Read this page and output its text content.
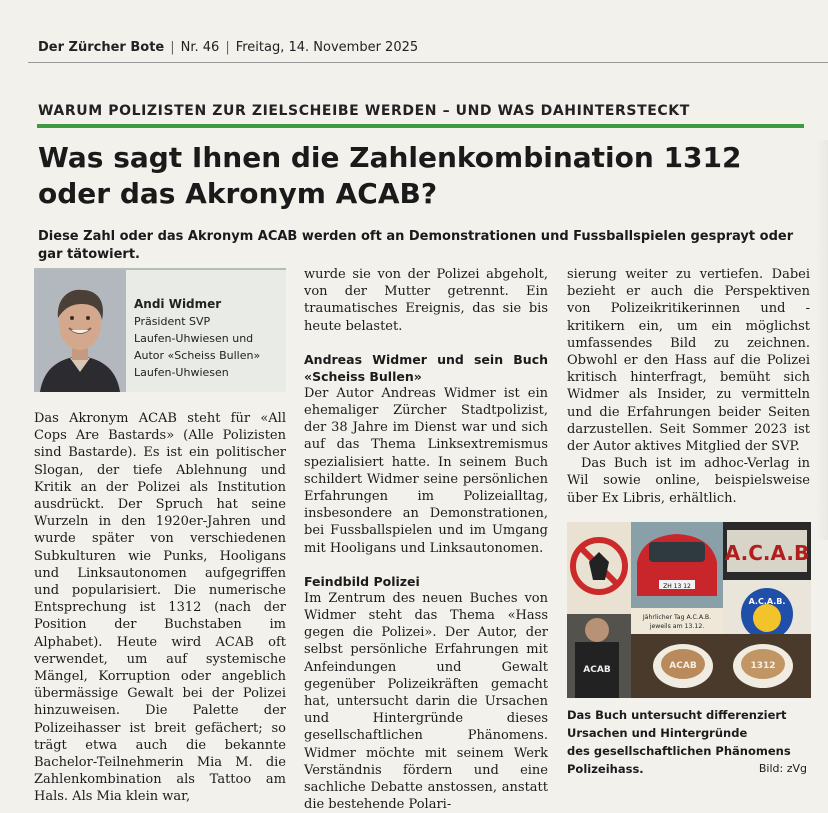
Der Zürcher Bote | Nr. 46 | Freitag, 14. November 2025
WARUM POLIZISTEN ZUR ZIELSCHEIBE WERDEN – UND WAS DAHINTERSTECKT
Was sagt Ihnen die Zahlenkombination 1312
oder das Akronym ACAB?
Diese Zahl oder das Akronym ACAB werden oft an Demonstrationen und Fussballspielen gesprayt oder gar tätowiert.
Andi Widmer
Präsident SVP
Laufen-Uhwiesen und
Autor «Scheiss Bullen»
Laufen-Uhwiesen

Das Akronym ACAB steht für «All Cops Are Bastards» (Alle Polizisten sind Bastarde). Es ist ein politischer Slogan, der tiefe Ablehnung und Kritik an der Polizei als Institution ausdrückt. Der Spruch hat seine Wurzeln in den 1920er-Jahren und wurde später von verschiedenen Subkulturen wie Punks, Hooligans und Linksautonomen aufgegriffen und popularisiert. Die numerische Entsprechung ist 1312 (nach der Position der Buchstaben im Alphabet). Heute wird ACAB oft verwendet, um auf systemische Mängel, Korruption oder angeblich übermässige Gewalt bei der Polizei hinzuweisen. Die Palette der Polizeihasser ist breit gefächert; so trägt etwa auch die bekannte Bachelor-Teilnehmerin Mia M. die Zahlenkombination als Tattoo am Hals. Als Mia klein war,

wurde sie von der Polizei abgeholt, von der Mutter getrennt. Ein traumatisches Ereignis, das sie bis heute belastet.

Andreas Widmer und sein Buch «Scheiss Bullen»

Der Autor Andreas Widmer ist ein ehemaliger Zürcher Stadtpolizist, der 38 Jahre im Dienst war und sich auf das Thema Linksextremismus spezialisiert hatte. In seinem Buch schildert Widmer seine persönlichen Erfahrungen im Polizeialltag, insbesondere an Demonstrationen, bei Fussballspielen und im Umgang mit Hooligans und Linksautonomen.

Feindbild Polizei

Im Zentrum des neuen Buches von Widmer steht das Thema «Hass gegen die Polizei». Der Autor, der selbst persönliche Erfahrungen mit Anfeindungen und Gewalt gegenüber Polizeikräften gemacht hat, untersucht darin die Ursachen und Hintergründe dieses gesellschaftlichen Phänomens. Widmer möchte mit seinem Werk Verständnis fördern und eine sachliche Debatte anstossen, anstatt die bestehende Polari-

sierung weiter zu vertiefen. Dabei bezieht er auch die Perspektiven von Polizeikritikerinnen und -kritikern ein, um ein möglichst umfassendes Bild zu zeichnen. Obwohl er den Hass auf die Polizei kritisch hinterfragt, bemüht sich Widmer als Insider, zu vermitteln und die Erfahrungen beider Seiten darzustellen. Seit Sommer 2023 ist der Autor aktives Mitglied der SVP.

Das Buch ist im adhoc-Verlag in Wil sowie online, beispielsweise über Ex Libris, erhältlich.

ZH 13 12
A.C.A.B
A.C.A.B.
Jährlicher Tag A.C.A.B.
jeweils am 13.12.
ACAB	ACAB	1312
Das Buch untersucht differenziert
Ursachen und Hintergründe
des gesellschaftlichen Phänomens
Polizeihass.	Bild: zVg
